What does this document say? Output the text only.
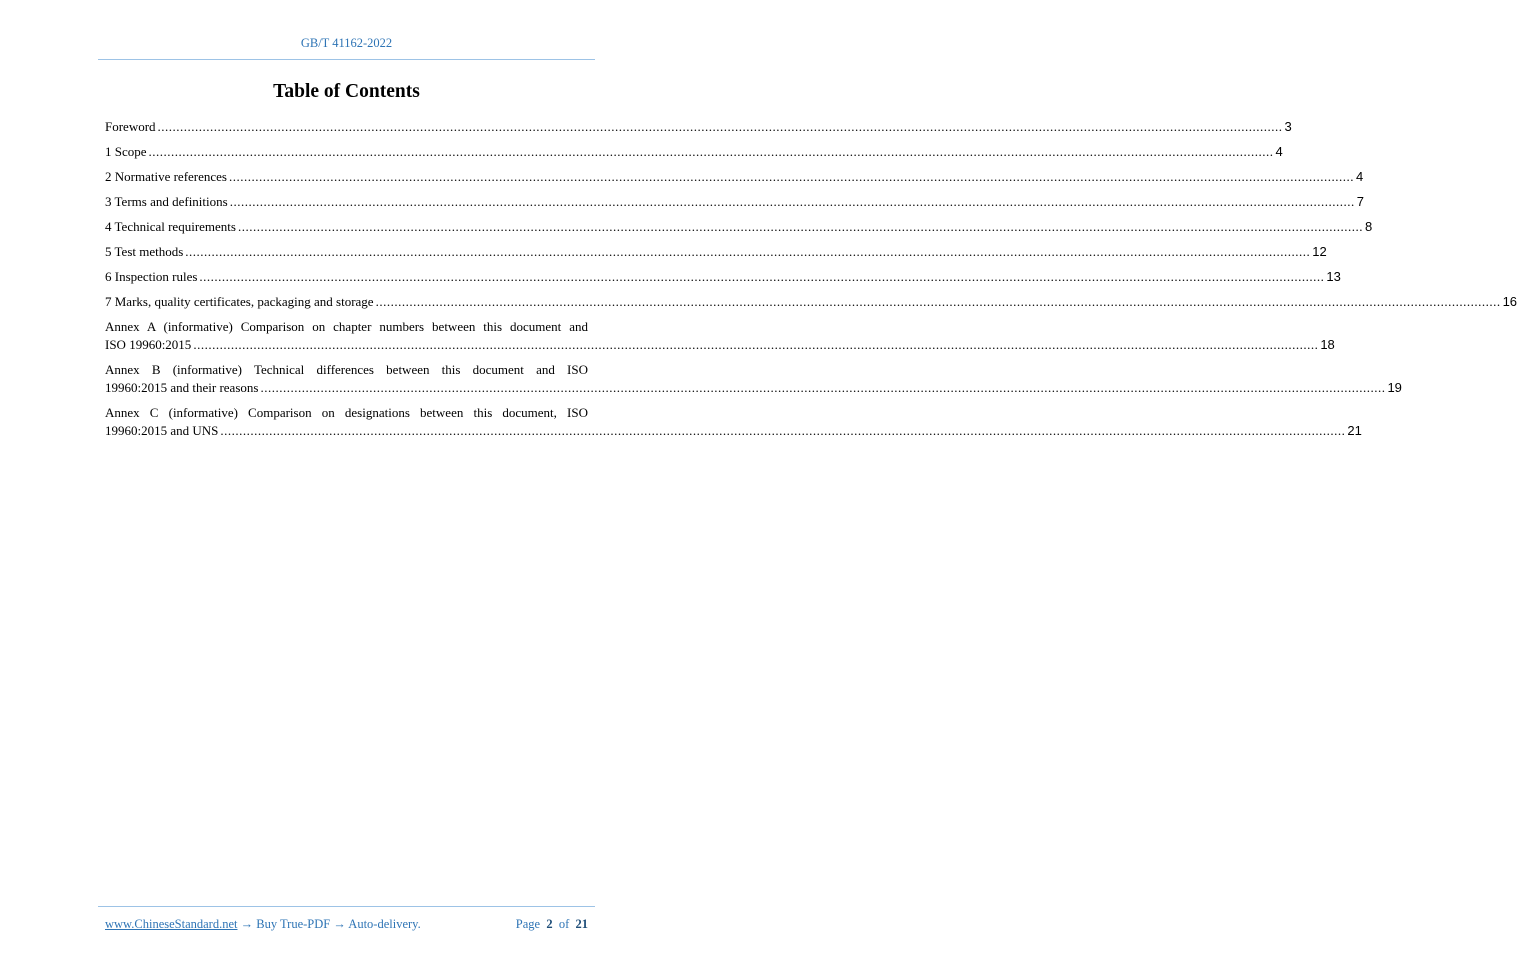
GB/T 41162-2022
Table of Contents
Foreword ............................................................................................................................................................................................................................................................................................................ 3
1 Scope ............................................................................................................................................................................................................................................................................................................ 4
2 Normative references ............................................................................................................................................................................................................................................................................................................ 4
3 Terms and definitions ............................................................................................................................................................................................................................................................................................................ 7
4 Technical requirements ............................................................................................................................................................................................................................................................................................................ 8
5 Test methods ............................................................................................................................................................................................................................................................................................................ 12
6 Inspection rules ............................................................................................................................................................................................................................................................................................................ 13
7 Marks, quality certificates, packaging and storage ............................................................................................................................................................................................................................................................................................................ 16
Annex A (informative) Comparison on chapter numbers between this document and
ISO 19960:2015 ............................................................................................................................................................................................................................................................................................................ 18
Annex B (informative) Technical differences between this document and ISO
19960:2015 and their reasons ............................................................................................................................................................................................................................................................................................................ 19
Annex C (informative) Comparison on designations between this document, ISO
19960:2015 and UNS ............................................................................................................................................................................................................................................................................................................ 21
www.ChineseStandard.net → Buy True-PDF → Auto-delivery.	Page 2 of 21
